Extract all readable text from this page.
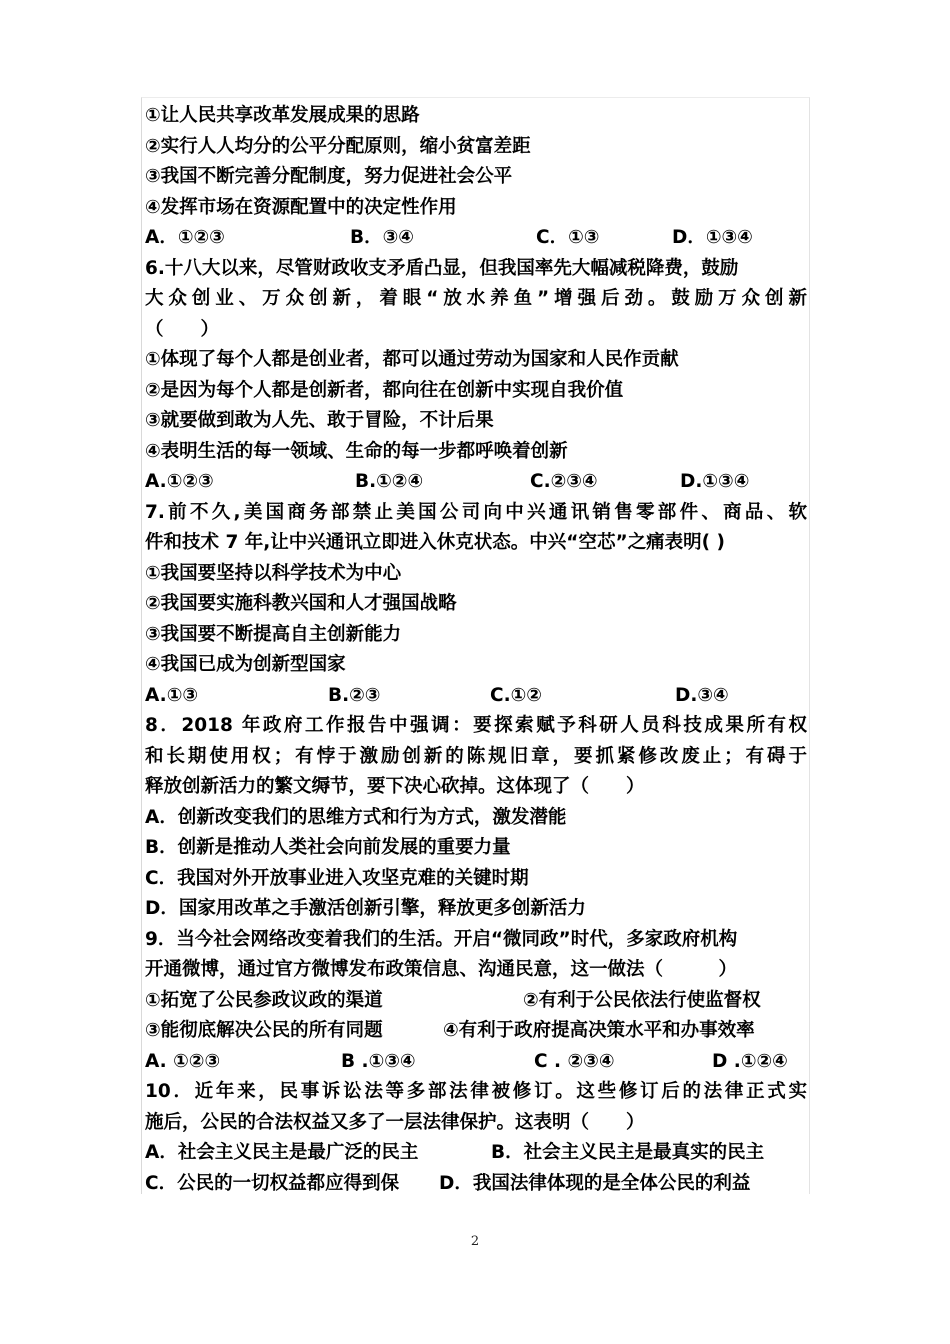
①让人民共享改革发展成果的思路
②实行人人均分的公平分配原则，缩小贫富差距
③我国不断完善分配制度，努力促进社会公平
④发挥市场在资源配置中的决定性作用
A．①②③	B．③④	C．①③	D．①③④
6.十八大以来，尽管财政收支矛盾凸显，但我国率先大幅减税降费，鼓励
大众创业、万众创新，着眼“放水养鱼”增强后劲。鼓励万众创新
（　　）
①体现了每个人都是创业者，都可以通过劳动为国家和人民作贡献
②是因为每个人都是创新者，都向往在创新中实现自我价值
③就要做到敢为人先、敢于冒险，不计后果
④表明生活的每一领域、生命的每一步都呼唤着创新
A.①②③	B.①②④	C.②③④	D.①③④
7.前不久,美国商务部禁止美国公司向中兴通讯销售零部件、商品、软
件和技术 7 年,让中兴通讯立即进入休克状态。中兴“空芯”之痛表明( )
①我国要坚持以科学技术为中心
②我国要实施科教兴国和人才强国战略
③我国要不断提高自主创新能力
④我国已成为创新型国家
A.①③	B.②③	C.①②	D.③④
8．2018 年政府工作报告中强调：要探索赋予科研人员科技成果所有权
和长期使用权；有悖于激励创新的陈规旧章，要抓紧修改废止；有碍于
释放创新活力的繁文缛节，要下决心砍掉。这体现了（　　）
A．创新改变我们的思维方式和行为方式，激发潜能
B．创新是推动人类社会向前发展的重要力量
C．我国对外开放事业进入攻坚克难的关键时期
D．国家用改革之手激活创新引擎，释放更多创新活力
9．当今社会网络改变着我们的生活。开启“微同政”时代，多家政府机构
开通微博，通过官方微博发布政策信息、沟通民意，这一做法（　　　）
①拓宽了公民参政议政的渠道	②有利于公民依法行使监督权
③能彻底解决公民的所有同题	④有利于政府提高决策水平和办事效率
A. ①②③	B .①③④	C . ②③④	D .①②④
10．近年来，民事诉讼法等多部法律被修订。这些修订后的法律正式实
施后，公民的合法权益又多了一层法律保护。这表明（　　）
A．社会主义民主是最广泛的民主	B．社会主义民主是最真实的民主
C．公民的一切权益都应得到保	D．我国法律体现的是全体公民的利益
2
